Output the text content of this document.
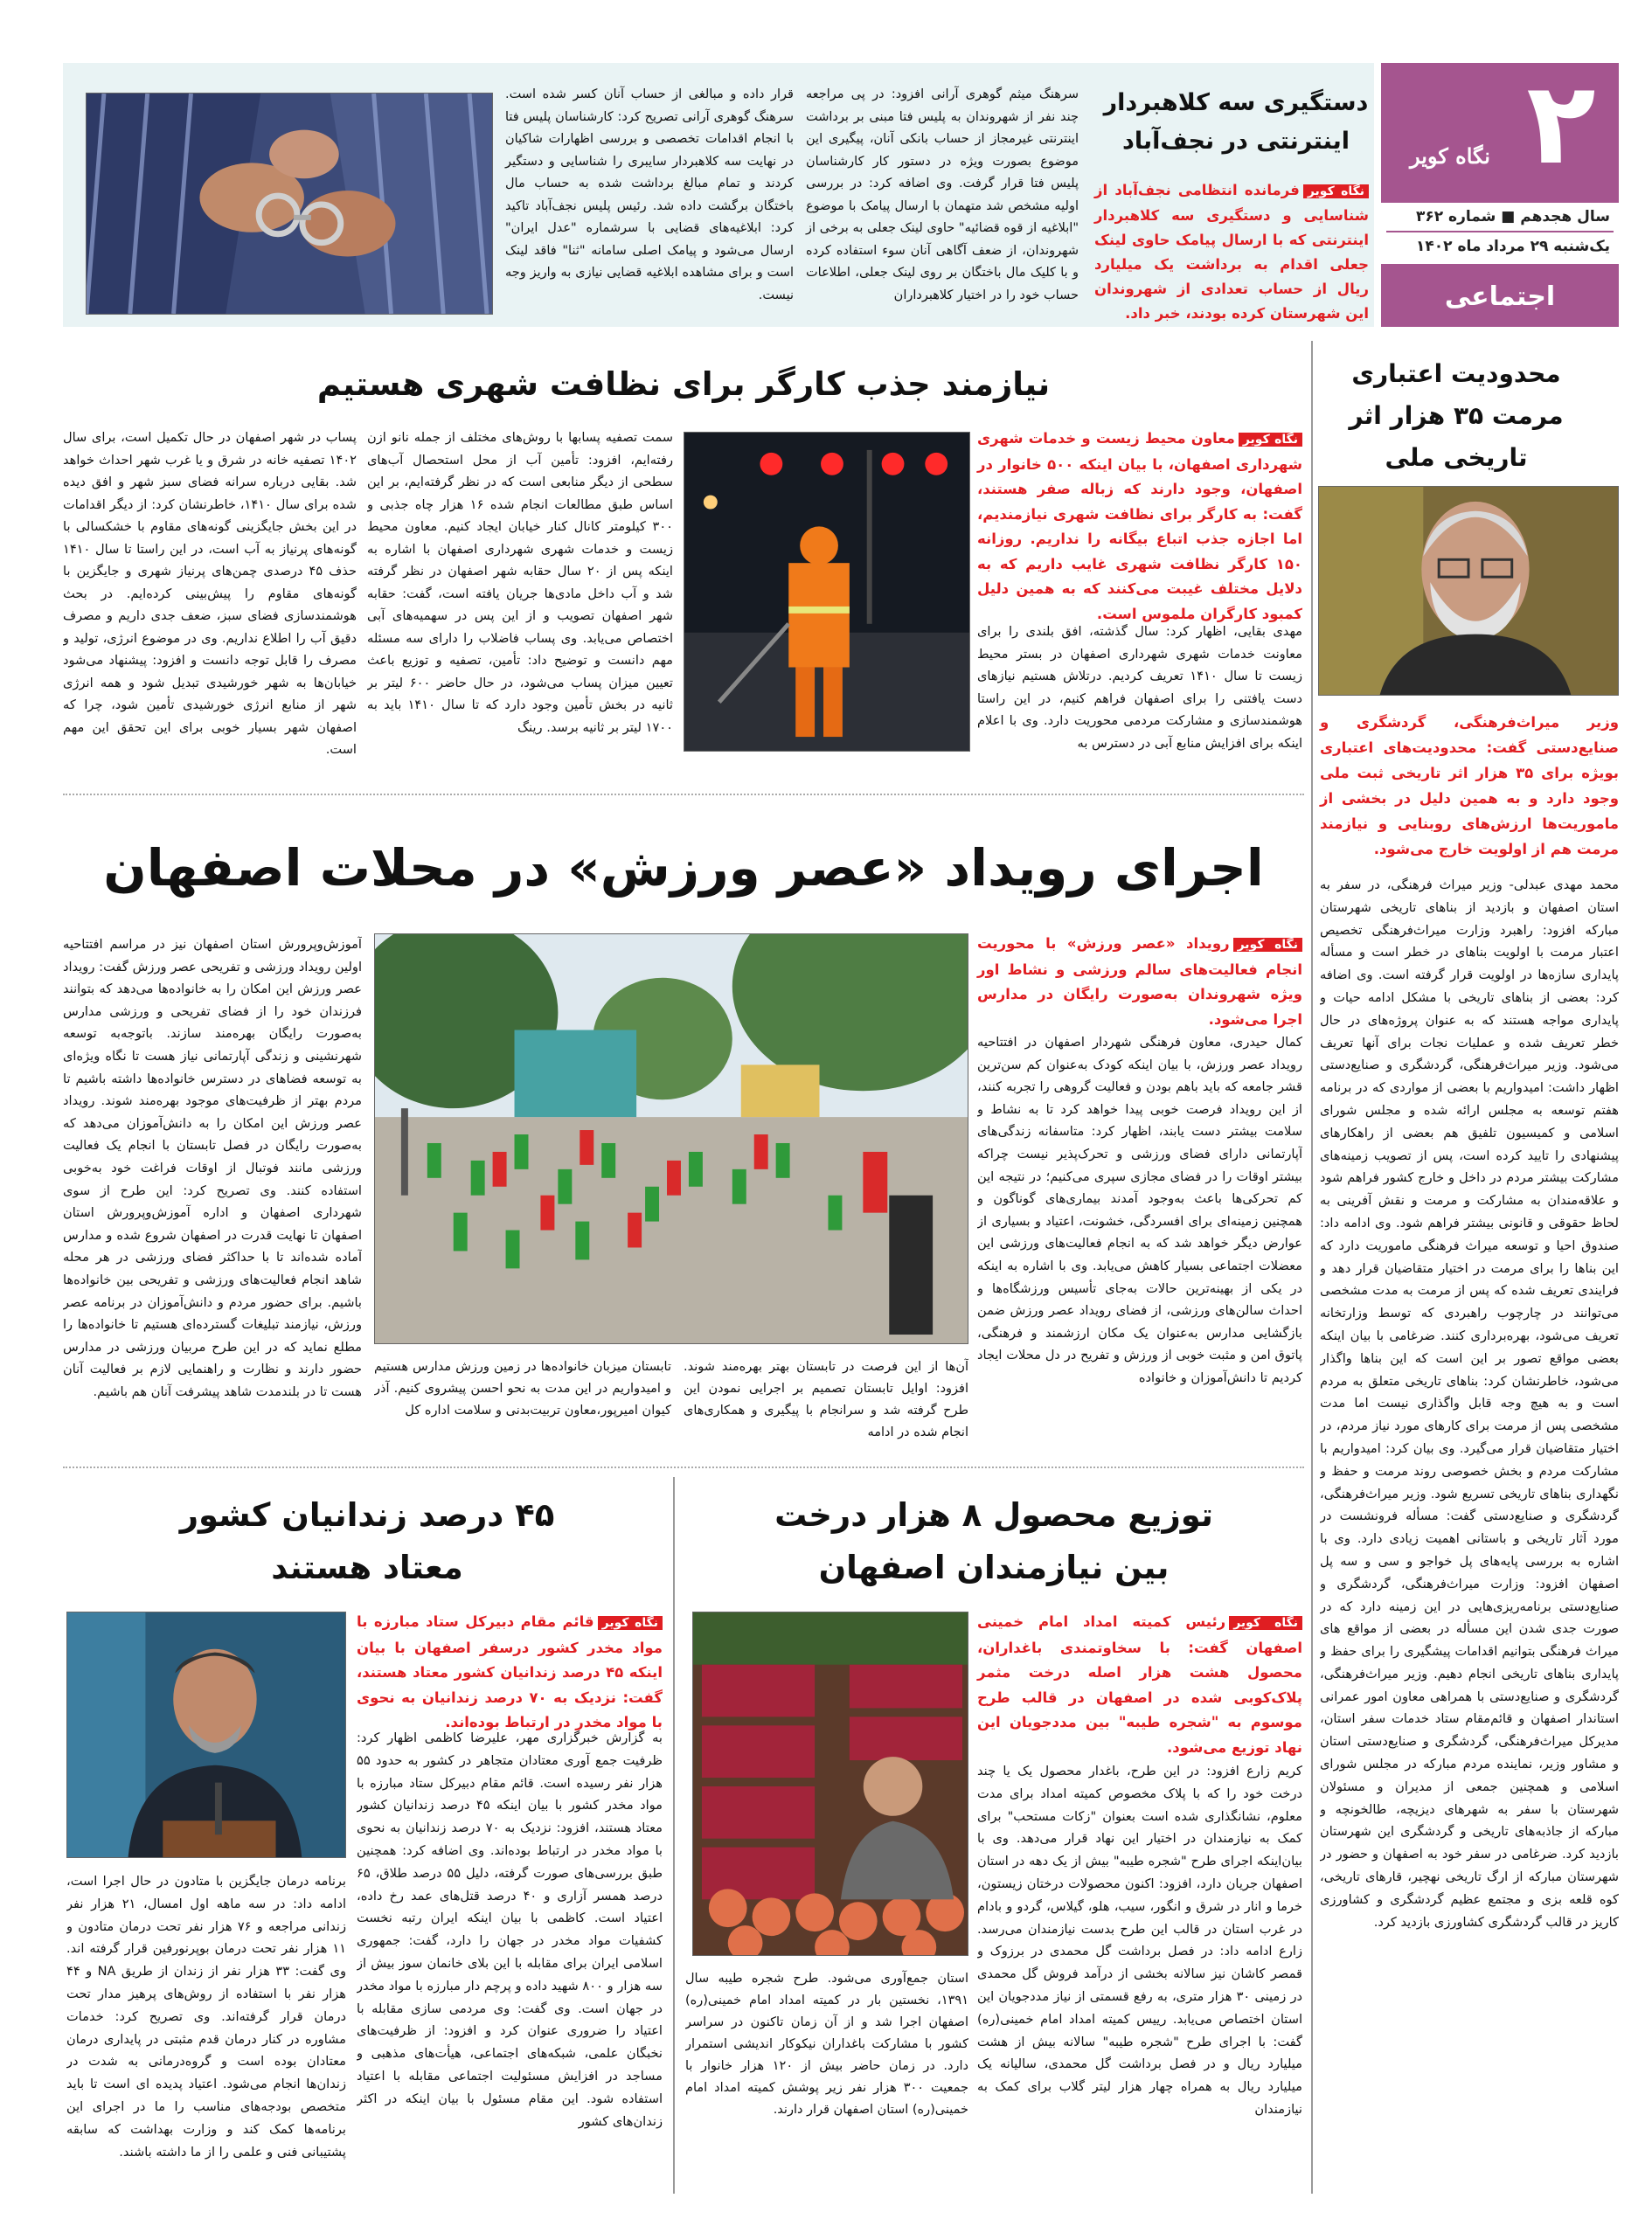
۲
نگاه کویر
سال هجدهم ■ شماره ۳۶۲
یک‌شنبه ۲۹ مرداد ماه ۱۴۰۲
اجتماعی
دستگیری سه کلاهبردار اینترنتی در نجف‌آباد
نگاه کویرفرمانده انتظامی نجف‌آباد از شناسایی و دستگیری سه کلاهبردار اینترنتی که با ارسال پیامک حاوی لینک جعلی اقدام به برداشت یک میلیارد ریال از حساب تعدادی از شهروندان این شهرستان کرده بودند، خبر داد.
سرهنگ میثم گوهری آرانی افزود: در پی مراجعه چند نفر از شهروندان به پلیس فتا مبنی بر برداشت اینترنتی غیرمجاز از حساب بانکی آنان، پیگیری این موضوع بصورت ویژه در دستور کار کارشناسان پلیس فتا قرار گرفت. وی اضافه کرد: در بررسی اولیه مشخص شد متهمان با ارسال پیامک با موضوع "ابلاغیه از قوه قضائیه" حاوی لینک جعلی به برخی از شهروندان، از ضعف آگاهی آنان سوء استفاده کرده و با کلیک مال باختگان بر روی لینک جعلی، اطلاعات حساب خود را در اختیار کلاهبرداران
قرار داده و مبالغی از حساب آنان کسر شده است. سرهنگ گوهری آرانی تصریح کرد: کارشناسان پلیس فتا با انجام اقدامات تخصصی و بررسی اظهارات شاکیان در نهایت سه کلاهبردار سایبری را شناسایی و دستگیر کردند و تمام مبالغ برداشت شده به حساب مال باختگان برگشت داده شد. رئیس پلیس نجف‌آباد تاکید کرد: ابلاغیه‌های قضایی با سرشماره "عدل ایران" ارسال می‌شود و پیامک اصلی سامانه "ثنا" فاقد لینک است و برای مشاهده ابلاغیه قضایی نیازی به واریز وجه نیست.
محدودیت اعتباری مرمت ۳۵ هزار اثر تاریخی ملی
وزیر میراث‌فرهنگی، گردشگری و صنایع‌دستی گفت: محدودیت‌های اعتباری بویژه برای ۳۵ هزار اثر تاریخی ثبت ملی وجود دارد و به همین دلیل در بخشی از ماموریت‌ها ارزش‌های روبنایی و نیازمند مرمت هم از اولویت خارج می‌شود.
محمد مهدی عبدلی- وزیر میراث فرهنگی، در سفر به استان اصفهان و بازدید از بناهای تاریخی شهرستان مبارکه افزود: راهبرد وزارت میراث‌فرهنگی تخصیص اعتبار مرمت با اولویت بناهای در خطر است و مسأله پایداری سازه‌ها در اولویت قرار گرفته است. وی اضافه کرد: بعضی از بناهای تاریخی با مشکل ادامه حیات و پایداری مواجه هستند که به عنوان پروژه‌های در حال خطر تعریف شده و عملیات نجات برای آنها تعریف می‌شود. وزیر میراث‌فرهنگی، گردشگری و صنایع‌دستی اظهار داشت: امیدواریم با بعضی از مواردی که در برنامه هفتم توسعه به مجلس ارائه شده و مجلس شورای اسلامی و کمیسیون تلفیق هم بعضی از راهکارهای پیشنهادی را تایید کرده است، پس از تصویب زمینه‌های مشارکت بیشتر مردم در داخل و خارج کشور فراهم شود و علاقه‌مندان به مشارکت و مرمت و نقش آفرینی به لحاظ حقوقی و قانونی بیشتر فراهم شود. وی ادامه داد: صندوق احیا و توسعه میراث فرهنگی ماموریت دارد که این بناها را برای مرمت در اختیار متقاضیان قرار دهد و فرایندی تعریف شده که پس از مرمت به مدت مشخصی می‌توانند در چارچوب راهبردی که توسط وزارتخانه تعریف می‌شود، بهره‌برداری کنند. ضرغامی با بیان اینکه بعضی مواقع تصور بر این است که این بناها واگذار می‌شود، خاطرنشان کرد: بناهای تاریخی متعلق به مردم است و به هیچ وجه قابل واگذاری نیست اما مدت مشخصی پس از مرمت برای کارهای مورد نیاز مردم، در اختیار متقاضیان قرار می‌گیرد. وی بیان کرد: امیدواریم با مشارکت مردم و بخش خصوصی روند مرمت و حفظ و نگهداری بناهای تاریخی تسریع شود. وزیر میراث‌فرهنگی، گردشگری و صنایع‌دستی گفت: مسأله فرونشست در مورد آثار تاریخی و باستانی اهمیت زیادی دارد. وی با اشاره به بررسی پایه‌های پل خواجو و سی و سه پل اصفهان افزود: وزارت میراث‌فرهنگی، گردشگری و صنایع‌دستی برنامه‌ریزی‌هایی در این زمینه دارد که در صورت جدی شدن این مسأله در بعضی از مواقع های میراث فرهنگی بتوانیم اقدامات پیشگیری را برای حفظ و پایداری بناهای تاریخی انجام دهیم. وزیر میراث‌فرهنگی، گردشگری و صنایع‌دستی با همراهی معاون امور عمرانی استاندار اصفهان و قائم‌مقام ستاد خدمات سفر استان، مدیرکل میراث‌فرهنگی، گردشگری و صنایع‌دستی استان و مشاور وزیر، نماینده مردم مبارکه در مجلس شورای اسلامی و همچنین جمعی از مدیران و مسئولان شهرستان با سفر به شهرهای دیزیچه، طالخونچه و مبارکه از جاذبه‌های تاریخی و گردشگری این شهرستان بازدید کرد. ضرغامی در سفر خود به اصفهان و حضور در شهرستان مبارکه از ارگ تاریخی نهچیر، قارهای تاریخی، کوه قلعه بزی و مجتمع عظیم گردشگری و کشاورزی کاریز در قالب گردشگری کشاورزی بازدید کرد.
نیازمند جذب کارگر برای نظافت شهری هستیم
نگاه کویرمعاون محیط زیست و خدمات شهری شهرداری اصفهان، با بیان اینکه ۵۰۰ خانوار در اصفهان، وجود دارند که زباله صفر هستند، گفت: به کارگر برای نظافت شهری نیازمندیم، اما اجازه جذب اتباع بیگانه را نداریم. روزانه ۱۵۰ کارگر نظافت شهری غایب داریم که به دلایل مختلف غیبت می‌کنند که به همین دلیل کمبود کارگران ملموس است.
مهدی بقایی، اظهار کرد: سال گذشته، افق بلندی را برای معاونت خدمات شهری شهرداری اصفهان در بستر محیط زیست تا سال ۱۴۱۰ تعریف کردیم. درتلاش هستیم نیازهای دست یافتنی را برای اصفهان فراهم کنیم، در این راستا هوشمندسازی و مشارکت مردمی محوریت دارد. وی با اعلام اینکه برای افزایش منابع آبی در دسترس به
سمت تصفیه پسابها با روش‌های مختلف از جمله نانو ازن رفته‌ایم، افزود: تأمین آب از محل استحصال آب‌های سطحی از دیگر منابعی است که در نظر گرفته‌ایم، بر این اساس طبق مطالعات انجام شده ۱۶ هزار چاه جذبی و ۳۰۰ کیلومتر کانال کنار خیابان ایجاد کنیم. معاون محیط زیست و خدمات شهری شهرداری اصفهان با اشاره به اینکه پس از ۲۰ سال حقابه شهر اصفهان در نظر گرفته شد و آب داخل مادی‌ها جریان یافته است، گفت: حقابه شهر اصفهان تصویب و از این پس در سهمیه‌های آبی اختصاص می‌یابد. وی پساب فاضلاب را دارای سه مسئله مهم دانست و توضیح داد: تأمین، تصفیه و توزیع باعث تعیین میزان پساب می‌شود، در حال حاضر ۶۰۰ لیتر بر ثانیه در بخش تأمین وجود دارد که تا سال ۱۴۱۰ باید به ۱۷۰۰ لیتر بر ثانیه برسد. رینگ
پساب در شهر اصفهان در حال تکمیل است، برای سال ۱۴۰۲ تصفیه خانه در شرق و یا غرب شهر احداث خواهد شد. بقایی درباره سرانه فضای سبز شهر و افق دیده شده برای سال ۱۴۱۰، خاطرنشان کرد: از دیگر اقدامات در این بخش جایگزینی گونه‌های مقاوم با خشکسالی با گونه‌های پرنیاز به آب است، در این راستا تا سال ۱۴۱۰ حذف ۴۵ درصدی چمن‌های پرنیاز شهری و جایگزین با گونه‌های مقاوم را پیش‌بینی کرده‌ایم. در بحث هوشمندسازی فضای سبز، ضعف جدی داریم و مصرف دقیق آب را اطلاع نداریم. وی در موضوع انرژی، تولید و مصرف را قابل توجه دانست و افزود: پیشنهاد می‌شود خیابان‌ها به شهر خورشیدی تبدیل شود و همه انرژی شهر از منابع انرژی خورشیدی تأمین شود، چرا که اصفهان شهر بسیار خوبی برای این تحقق این مهم است.
اجرای رویداد «عصر ورزش» در محلات اصفهان
نگاه کویررویداد «عصر ورزش» با محوریت انجام فعالیت‌های سالم ورزشی و نشاط اور ویژه شهروندان به‌صورت رایگان در مدارس اجرا می‌شود.
کمال حیدری، معاون فرهنگی شهردار اصفهان در افتتاحیه رویداد عصر ورزش، با بیان اینکه کودک به‌عنوان کم سن‌ترین قشر جامعه که باید باهم بودن و فعالیت گروهی را تجربه کنند، از این رویداد فرصت خوبی پیدا خواهد کرد تا به نشاط و سلامت بیشتر دست یابند، اظهار کرد: متاسفانه زندگی‌های آپارتمانی دارای فضای ورزشی و تحرک‌پذیر نیست چراکه بیشتر اوقات را در فضای مجازی سپری می‌کنیم؛ در نتیجه این کم تحرکی‌ها باعث به‌وجود آمدند بیماری‌های گوناگون و همچنین زمینه‌ای برای افسردگی، خشونت، اعتیاد و بسیاری از عوارض دیگر خواهد شد که به انجام فعالیت‌های ورزشی این معضلات اجتماعی بسیار کاهش می‌یابد. وی با اشاره به اینکه در یکی از بهینه‌ترین حالات به‌جای تأسیس ورزشگاه‌ها و احداث سالن‌های ورزشی، از فضای رویداد عصر ورزش ضمن بازگشایی مدارس به‌عنوان یک مکان ارزشمند و فرهنگی، پاتوق امن و مثبت خوبی از ورزش و تفریح در دل محلات ایجاد کردیم تا دانش‌آموزان و خانواده
آن‌ها از این فرصت در تابستان بهتر بهره‌مند شوند. افزود: اوایل تابستان تصمیم بر اجرایی نمودن این طرح گرفته شد و سرانجام با پیگیری و همکاری‌های انجام شده در ادامه
تابستان میزبان خانواده‌ها در زمین ورزش مدارس هستیم و امیدواریم در این مدت به نحو احسن پیشروی کنیم. آذر کیوان امیرپور،معاون تربیت‌بدنی و سلامت اداره کل
آموزش‌وپرورش استان اصفهان نیز در مراسم افتتاحیه اولین رویداد ورزشی و تفریحی عصر ورزش گفت: رویداد عصر ورزش این امکان را به خانواده‌ها می‌دهد که بتوانند فرزندان خود را از فضای تفریحی و ورزشی مدارس به‌صورت رایگان بهره‌مند سازند. باتوجه‌به توسعه شهرنشینی و زندگی آپارتمانی نیاز هست تا نگاه ویژه‌ای به توسعه فضاهای در دسترس خانواده‌ها داشته باشیم تا مردم بهتر از ظرفیت‌های موجود بهره‌مند شوند. رویداد عصر ورزش این امکان را به دانش‌آموزان می‌دهد که به‌صورت رایگان در فصل تابستان با انجام یک فعالیت ورزشی مانند فوتبال از اوقات فراغت خود به‌خوبی استفاده کنند. وی تصریح کرد: این طرح از سوی شهرداری اصفهان و اداره آموزش‌وپرورش استان اصفهان تا نهایت قدرت در اصفهان شروع شده و مدارس آماده شده‌اند تا با حداکثر فضای ورزشی در هر محله شاهد انجام فعالیت‌های ورزشی و تفریحی بین خانواده‌ها باشیم. برای حضور مردم و دانش‌آموزان در برنامه عصر ورزش، نیازمند تبلیغات گسترده‌ای هستیم تا خانواده‌ها را مطلع نماید که در این طرح مربیان ورزشی در مدارس حضور دارند و نظارت و راهنمایی لازم بر فعالیت آنان هست تا در بلندمدت شاهد پیشرفت آنان هم باشیم.
توزیع محصول ۸ هزار درخت
بین نیازمندان اصفهان
نگاه کویررئیس کمیته امداد امام خمینی اصفهان گفت: با سخاوتمندی باغداران، محصول هشت هزار اصله درخت مثمر پلاک‌کوبی شده در اصفهان در قالب طرح موسوم به "شجره طیبه" بین مددجویان این نهاد توزیع می‌شود.
کریم زارع افزود: در این طرح، باغدار محصول یک یا چند درخت خود را که با پلاک مخصوص کمیته امداد برای مدت معلوم، نشانگذاری شده است بعنوان "زکات مستحب" برای کمک به نیازمندان در اختیار این نهاد قرار می‌دهد. وی با بیان‌اینکه اجرای طرح "شجره طیبه" بیش از یک دهه در استان اصفهان جریان دارد، افزود: اکنون محصولات درختان زیستون، خرما و انار در شرق و انگور، سیب، هلو، گیلاس، گردو و بادام در غرب استان در قالب این طرح بدست نیازمندان می‌رسد. زارع ادامه داد: در فصل برداشت گل محمدی در برزوک و قمصر کاشان نیز سالانه بخشی از درآمد فروش گل محمدی در زمینی ۳۰ هزار متری، به رفع قسمتی از نیاز مددجویان این استان اختصاص می‌یابد. رییس کمیته امداد امام خمینی(ره) گفت: با اجرای طرح "شجره طیبه" سالانه بیش از هشت میلیارد ریال و در فصل برداشت گل محمدی، سالیانه یک میلیارد ریال به همراه چهار هزار لیتر گلاب برای کمک به نیازمندان
استان جمع‌آوری می‌شود. طرح شجره طیبه سال ۱۳۹۱، نخستین بار در کمیته امداد امام خمینی(ره) اصفهان اجرا شد و از آن زمان تاکنون در سراسر کشور با مشارکت باغداران نیکوکار اندیشی استمرار دارد. در زمان حاضر بیش از ۱۲۰ هزار خانوار با جمعیت ۳۰۰ هزار نفر زیر پوشش کمیته امداد امام خمینی(ره) استان اصفهان قرار دارند.
۴۵ درصد زندانیان کشور
معتاد هستند
نگاه کویرقائم مقام دبیرکل ستاد مبارزه با مواد مخدر کشور درسفر اصفهان با بیان اینکه ۴۵ درصد زندانیان کشور معتاد هستند، گفت: نزدیک به ۷۰ درصد زندانیان به نحوی با مواد مخدر در ارتباط بوده‌اند.
به گزارش خبرگزاری مهر، علیرضا کاظمی اظهار کرد: ظرفیت جمع آوری معتادان متجاهر در کشور به حدود ۵۵ هزار نفر رسیده است. قائم مقام دبیرکل ستاد مبارزه با مواد مخدر کشور با بیان اینکه ۴۵ درصد زندانیان کشور معتاد هستند، افزود: نزدیک به ۷۰ درصد زندانیان به نحوی با مواد مخدر در ارتباط بوده‌اند. وی اضافه کرد: همچنین طبق بررسی‌های صورت گرفته، دلیل ۵۵ درصد طلاق، ۶۵ درصد همسر آزاری و ۴۰ درصد قتل‌های عمد رخ داده، اعتیاد است. کاظمی با بیان اینکه ایران رتبه نخست کشفیات مواد مخدر در جهان را دارد، گفت: جمهوری اسلامی ایران برای مقابله با این بلای خانمان سوز بیش از سه هزار و ۸۰۰ شهید داده و پرچم دار مبارزه با مواد مخدر در جهان است. وی گفت: وی مردمی سازی مقابله با اعتیاد را ضروری عنوان کرد و افزود: از ظرفیت‌های نخبگان علمی، شبکه‌های اجتماعی، هیأت‌های مذهبی و مساجد در افزایش مسئولیت اجتماعی مقابله با اعتیاد استفاده شود. این مقام مسئول با بیان اینکه در اکثر زندان‌های کشور
برنامه درمان جایگزین با متادون در حال اجرا است، ادامه داد: در سه ماهه اول امسال، ۲۱ هزار نفر زندانی مراجعه و ۷۶ هزار نفر تحت درمان متادون و ۱۱ هزار نفر تحت درمان بوپرنورفین قرار گرفته اند. وی گفت: ۳۳ هزار نفر از زندان از طریق NA و ۴۴ هزار نفر با استفاده از روش‌های پرهیز مدار تحت درمان قرار گرفته‌اند. وی تصریح کرد: خدمات مشاوره در کنار درمان قدم مثبتی در پایداری درمان معتادان بوده است و گروه‌درمانی به شدت در زندان‌ها انجام می‌شود. اعتیاد پدیده ای است تا باید متخصص بودجه‌های مناسب را ما در اجرای این برنامه‌ها کمک کند و وزارت بهداشت که سابقه پشتیبانی فنی و علمی را از ما داشته باشند.
